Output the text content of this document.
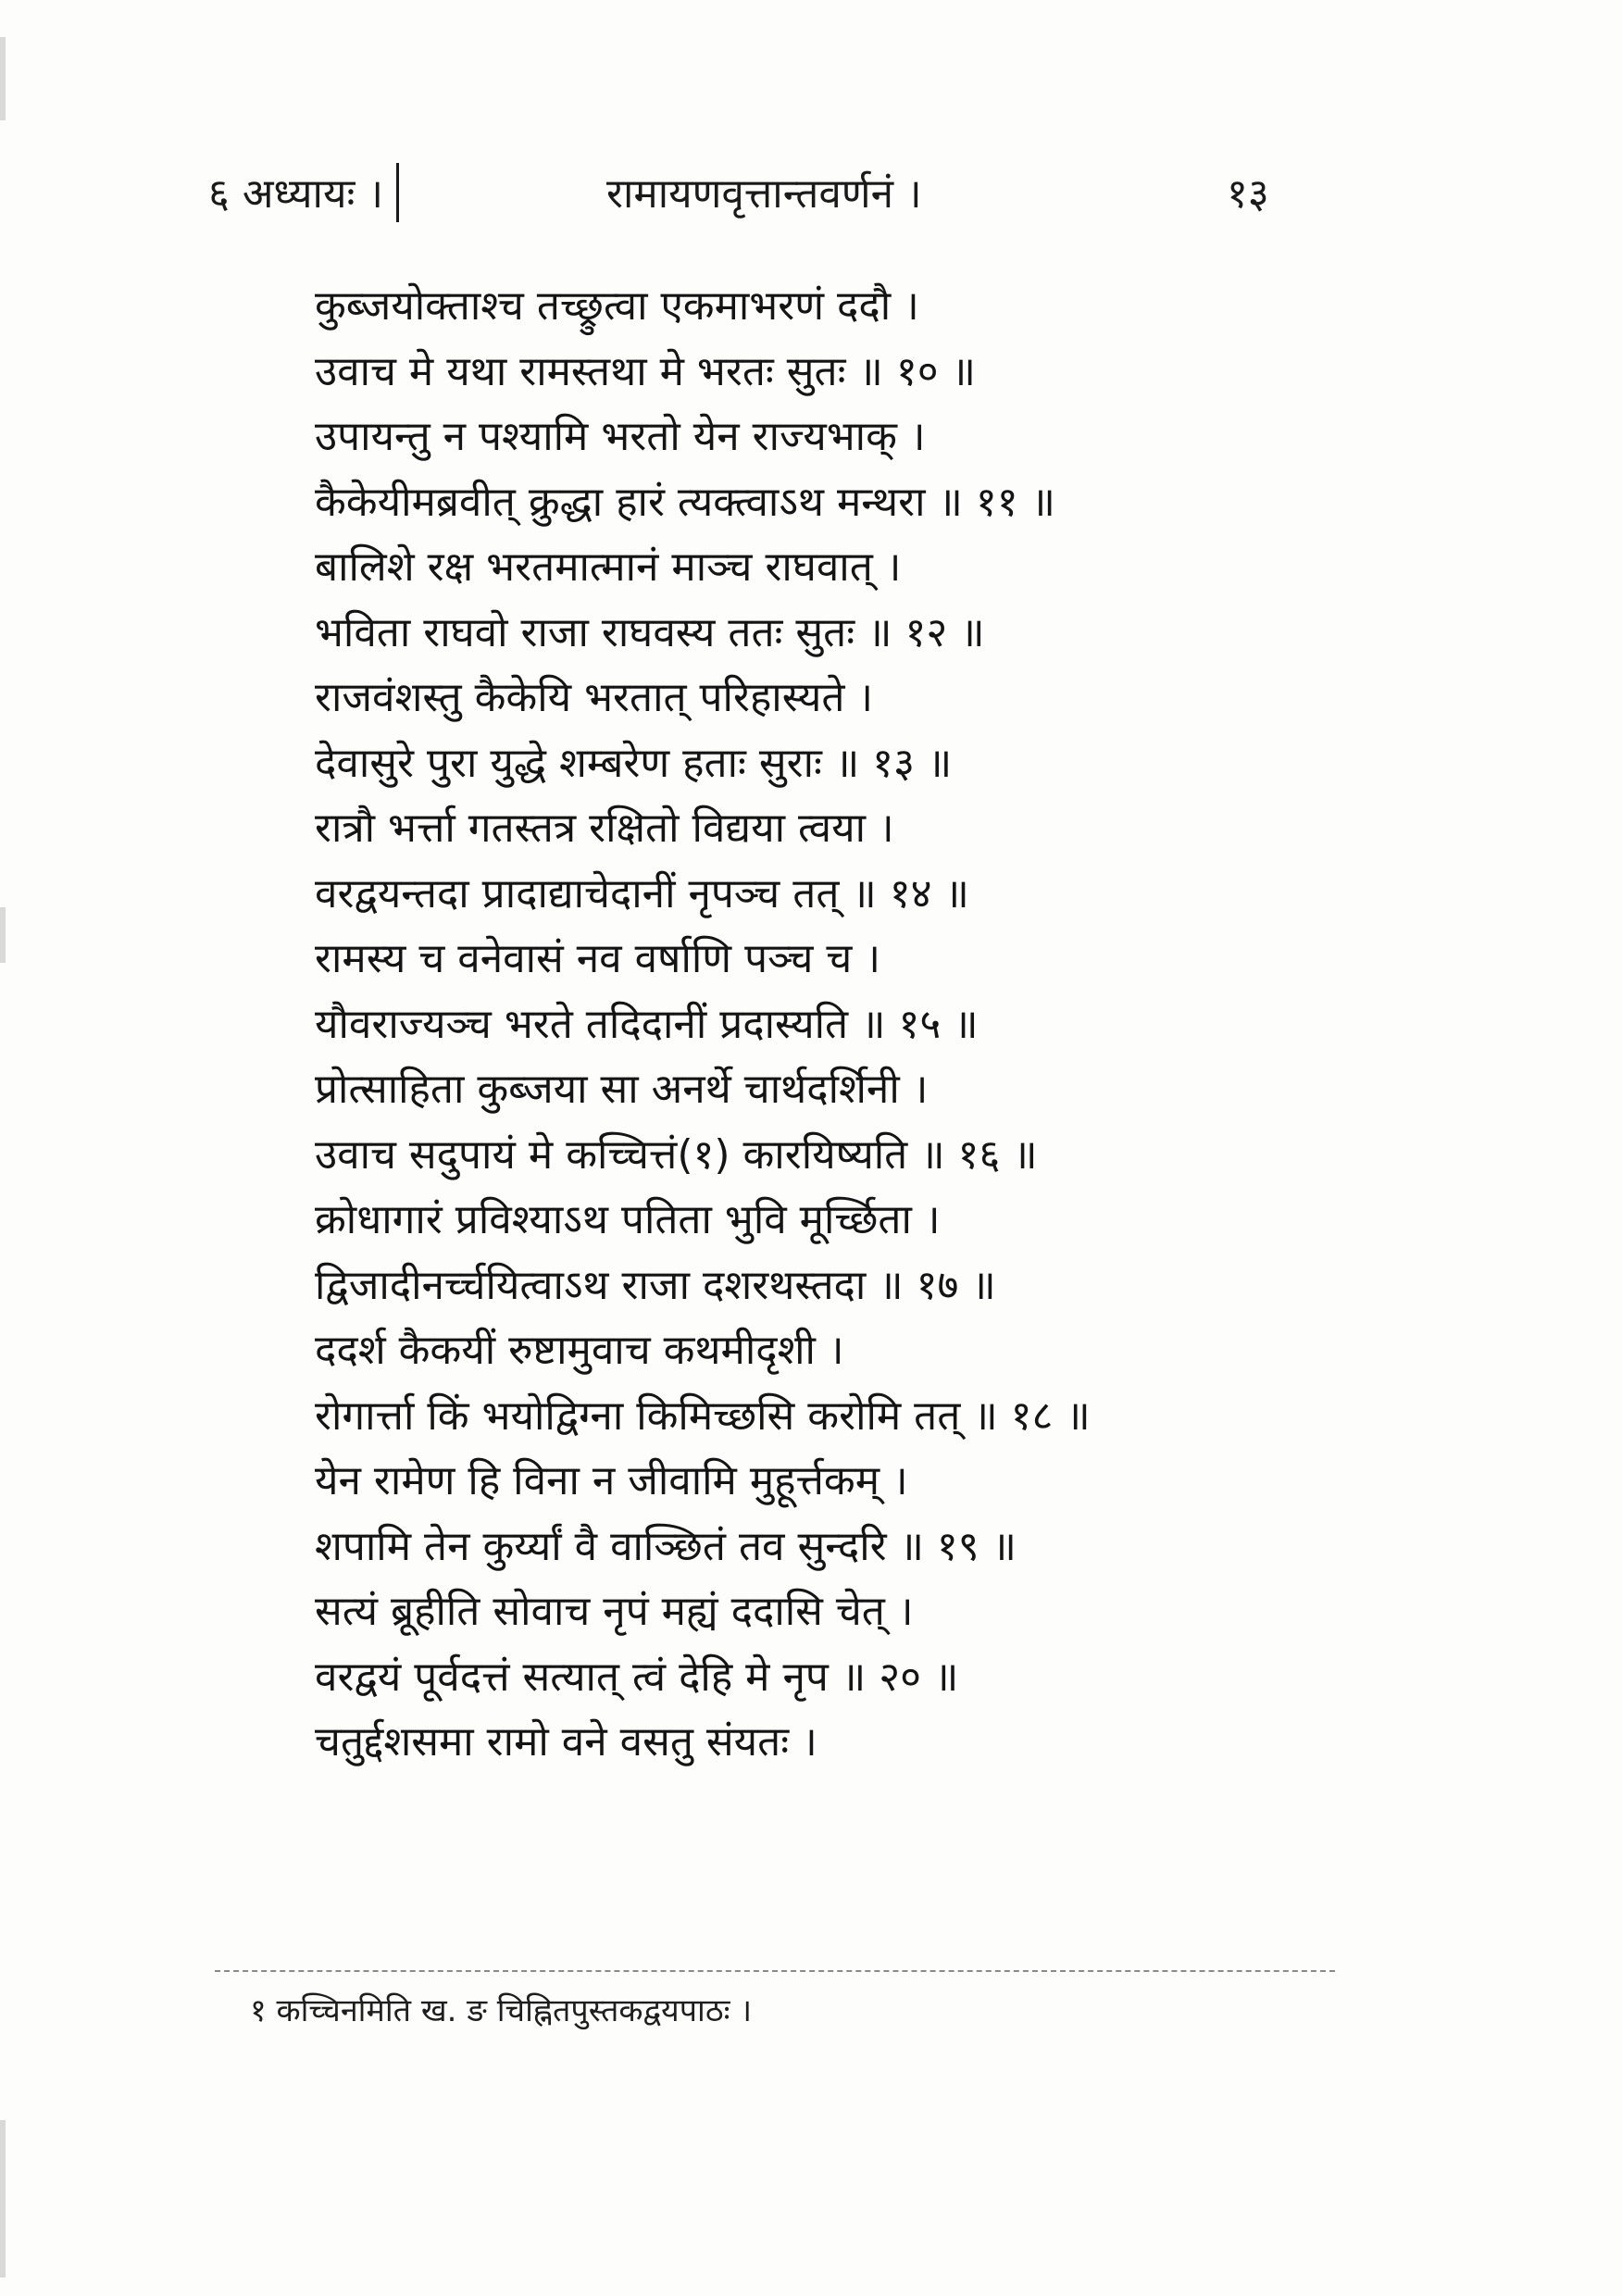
६ अध्यायः ।	रामायणवृत्तान्तवर्णनं ।	१३
कुब्जयोक्ताश्च तच्छ्रुत्वा एकमाभरणं ददौ ।
उवाच मे यथा रामस्तथा मे भरतः सुतः ॥ १० ॥
उपायन्तु न पश्यामि भरतो येन राज्यभाक् ।
कैकेयीमब्रवीत् क्रुद्धा हारं त्यक्त्वाऽथ मन्थरा ॥ ११ ॥
बालिशे रक्ष भरतमात्मानं माञ्च राघवात् ।
भविता राघवो राजा राघवस्य ततः सुतः ॥ १२ ॥
राजवंशस्तु कैकेयि भरतात् परिहास्यते ।
देवासुरे पुरा युद्धे शम्बरेण हताः सुराः ॥ १३ ॥
रात्रौ भर्त्ता गतस्तत्र रक्षितो विद्यया त्वया ।
वरद्वयन्तदा प्रादाद्याचेदानीं नृपञ्च तत् ॥ १४ ॥
रामस्य च वनेवासं नव वर्षाणि पञ्च च ।
यौवराज्यञ्च भरते तदिदानीं प्रदास्यति ॥ १५ ॥
प्रोत्साहिता कुब्जया सा अनर्थे चार्थदर्शिनी ।
उवाच सदुपायं मे कच्चित्तं(१) कारयिष्यति ॥ १६ ॥
क्रोधागारं प्रविश्याऽथ पतिता भुवि मूर्च्छिता ।
द्विजादीनर्च्चयित्वाऽथ राजा दशरथस्तदा ॥ १७ ॥
ददर्श कैकयीं रुष्टामुवाच कथमीदृशी ।
रोगार्त्ता किं भयोद्विग्ना किमिच्छसि करोमि तत् ॥ १८ ॥
येन रामेण हि विना न जीवामि मुहूर्त्तकम् ।
शपामि तेन कुर्य्यां वै वाञ्छितं तव सुन्दरि ॥ १९ ॥
सत्यं ब्रूहीति सोवाच नृपं मह्यं ददासि चेत् ।
वरद्वयं पूर्वदत्तं सत्यात् त्वं देहि मे नृप ॥ २० ॥
चतुर्द्दशसमा रामो वने वसतु संयतः ।
१ कच्चिनमिति ख. ङ चिह्नितपुस्तकद्वयपाठः ।
